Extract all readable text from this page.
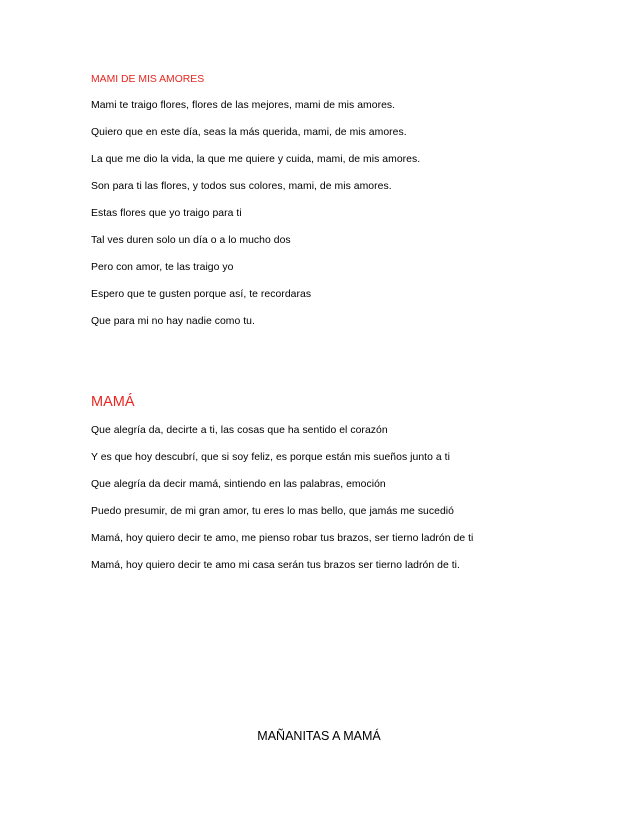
MAMI DE MIS AMORES
Mami te traigo flores, flores de las mejores, mami de mis amores.
Quiero que en este día, seas la más querida, mami, de mis amores.
La que me dio la vida, la que me quiere y cuida, mami, de mis amores.
Son para ti las flores, y todos sus colores, mami, de mis amores.
Estas flores que yo traigo para ti
Tal ves duren solo un día o a lo mucho dos
Pero con amor, te las traigo yo
Espero que te gusten porque así, te recordaras
Que para mi no hay nadie como tu.
MAMÁ
Que alegría da, decirte a ti, las cosas que ha sentido el corazón
Y es que hoy descubrí, que si soy feliz, es porque están mis sueños junto a ti
Que alegría da decir mamá, sintiendo en las palabras, emoción
Puedo presumir, de mi gran amor, tu eres lo mas bello, que jamás me sucedió
Mamá, hoy quiero decir te amo, me pienso robar tus brazos, ser tierno ladrón de ti
Mamá, hoy quiero decir te amo mi casa serán tus brazos ser tierno ladrón de ti.
MAÑANITAS A MAMÁ
